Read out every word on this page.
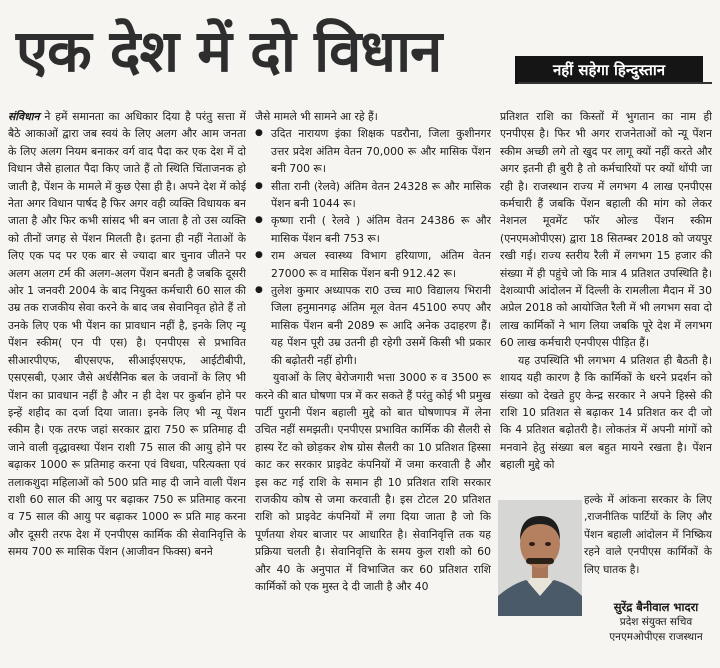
एक देश में दो विधान	नहीं सहेगा हिन्दुस्तान

संविधान ने हमें समानता का अधिकार दिया है परंतु सत्ता में बैठे आकाओं द्वारा जब स्वयं के लिए अलग और आम जनता के लिए अलग नियम बनाकर वर्ग वाद पैदा कर एक देश में दो विधान जैसे हालात पैदा किए जाते हैं तो स्थिति चिंताजनक हो जाती है, पेंशन के मामले में कुछ ऐसा ही है। अपने देश में कोई नेता अगर विधान पार्षद है फिर अगर वही व्यक्ति विधायक बन जाता है और फिर कभी सांसद भी बन जाता है तो उस व्यक्ति को तीनों जगह से पेंशन मिलती है। इतना ही नहीं नेताओं के लिए एक पद पर एक बार से ज्यादा बार चुनाव जीतने पर अलग अलग टर्म की अलग-अलग पेंशन बनती है जबकि दूसरी ओर 1 जनवरी 2004 के बाद नियुक्त कर्मचारी 60 साल की उम्र तक राजकीय सेवा करने के बाद जब सेवानिवृत होते हैं तो उनके लिए एक भी पेंशन का प्रावधान नहीं है, इनके लिए न्यू पेंशन स्कीम( एन पी एस) है। एनपीएस से प्रभावित सीआरपीएफ, बीएसएफ, सीआईएसएफ, आईटीबीपी, एसएसबी, एआर जैसे अर्धसैनिक बल के जवानों के लिए भी पेंशन का प्रावधान नहीं है और न ही देश पर कुर्बान होने पर इन्हें शहीद का दर्जा दिया जाता। इनके लिए भी न्यू पेंशन स्कीम है। एक तरफ जहां सरकार द्वारा 750 रू प्रतिमाह दी जाने वाली वृद्धावस्था पेंशन राशी 75 साल की आयु होने पर बढ़ाकर 1000 रू प्रतिमाह करना एवं विधवा, परित्यक्ता एवं तलाकशुदा महिलाओं को 500 प्रति माह दी जाने वाली पेंशन राशी 60 साल की आयु पर बढ़ाकर 750 रू प्रतिमाह करना व 75 साल की आयु पर बढ़ाकर 1000 रू प्रति माह करना और दूसरी तरफ देश में एनपीएस कार्मिक की सेवानिवृत्ति के समय 700 रू मासिक पेंशन (आजीवन फिक्स) बनने

जैसे मामले भी सामने आ रहे हैं।

● उदित नारायण इंका शिक्षक पडरौना, जिला कुशीनगर उत्तर प्रदेश अंतिम वेतन 70,000 रू और मासिक पेंशन बनी 700 रू।
● सीता रानी (रेलवे) अंतिम वेतन 24328 रू और मासिक पेंशन बनी 1044 रू।
● कृष्णा रानी ( रेलवे ) अंतिम वेतन 24386 रू और मासिक पेंशन बनी 753 रू।
● राम अचल स्वास्थ्य विभाग हरियाणा, अंतिम वेतन 27000 रू व मासिक पेंशन बनी 912.42 रू।
● तुलेश कुमार अध्यापक रा0 उच्च मा0 विद्यालय भिरानी जिला हनुमानगढ़ अंतिम मूल वेतन 45100 रुपए और मासिक पेंशन बनी 2089 रू आदि अनेक उदाहरण हैं। यह पेंशन पूरी उम्र उतनी ही रहेगी उसमें किसी भी प्रकार की बढ़ोतरी नहीं होगी।

युवाओं के लिए बेरोजगारी भत्ता 3000 रु व 3500 रू करने की बात घोषणा पत्र में कर सकते हैं परंतु कोई भी प्रमुख पार्टी पुरानी पेंशन बहाली मुद्दे को बात घोषणापत्र में लेना उचित नहीं समझती। एनपीएस प्रभावित कार्मिक की सैलरी से हास्य रेंट को छोड़कर शेष ग्रोस सैलरी का 10 प्रतिशत हिस्सा काट कर सरकार प्राइवेट कंपनियों में जमा करवाती है और इस कट गई राशि के समान ही 10 प्रतिशत राशि सरकार राजकीय कोष से जमा करवाती है। इस टोटल 20 प्रतिशत राशि को प्राइवेट कंपनियों में लगा दिया जाता है जो कि पूर्णतया शेयर बाजार पर आधारित है। सेवानिवृत्ति तक यह प्रक्रिया चलती है। सेवानिवृत्ति के समय कुल राशी को 60 और 40 के अनुपात में विभाजित कर 60 प्रतिशत राशि कार्मिकों को एक मुस्त दे दी जाती है और 40

प्रतिशत राशि का किस्तों में भुगतान का नाम ही एनपीएस है। फिर भी अगर राजनेताओं को न्यू पेंशन स्कीम अच्छी लगे तो खुद पर लागू क्यों नहीं करते और अगर इतनी ही बुरी है तो कर्मचारियों पर क्यों थोंपी जा रही है। राजस्थान राज्य में लगभग 4 लाख एनपीएस कर्मचारी हैं जबकि पेंशन बहाली की मांग को लेकर नेशनल मूवमेंट फॉर ओल्ड पेंशन स्कीम (एनएमओपीएस) द्वारा 18 सितम्बर 2018 को जयपुर रखी गई। राज्य स्तरीय रैली में लगभग 15 हजार की संख्या में ही पहुंचे जो कि मात्र 4 प्रतिशत उपस्थिति है। देशव्यापी आंदोलन में दिल्ली के रामलीला मैदान में 30 अप्रेल 2018 को आयोजित रैली में भी लगभग सवा दो लाख कार्मिकों ने भाग लिया जबकि पूरे देश में लगभग 60 लाख कर्मचारी एनपीएस पीड़ित हैं।

यह उपस्थिति भी लगभग 4 प्रतिशत ही बैठती है। शायद यही कारण है कि कार्मिकों के धरने प्रदर्शन को संख्या को देखते हुए केन्द्र सरकार ने अपने हिस्से की राशि 10 प्रतिशत से बढ़ाकर 14 प्रतिशत कर दी जो कि 4 प्रतिशत बढ़ोतरी है। लोकतंत्र में अपनी मांगों को मनवाने हेतु संख्या बल बहुत मायने रखता है। पेंशन बहाली मुद्दे को

हल्के में आंकना सरकार के लिए ,राजनीतिक पार्टियों के लिए और पेंशन बहाली आंदोलन में निष्क्रिय रहने वाले एनपीएस कार्मिकों के लिए घातक है।

सुरेंद्र बैनीवाल भादरा
प्रदेश संयुक्त सचिव
एनएमओपीएस राजस्थान
